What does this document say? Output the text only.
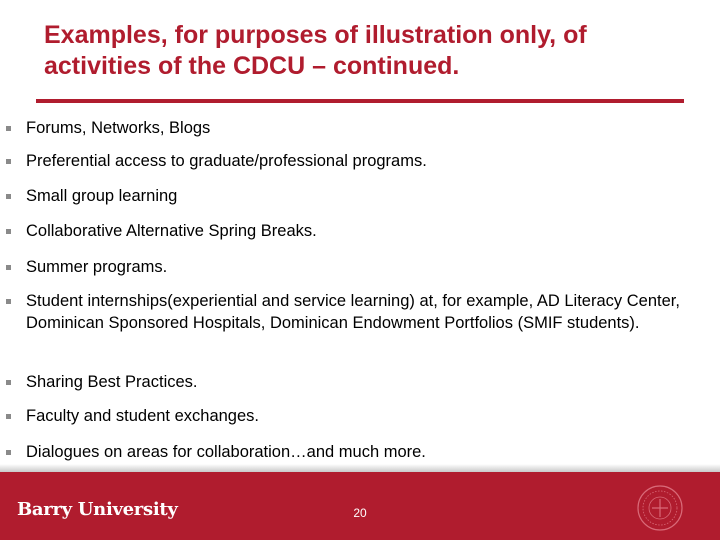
Examples, for purposes of illustration only, of activities of the CDCU – continued.
Forums, Networks, Blogs
Preferential access to graduate/professional programs.
Small group learning
Collaborative Alternative Spring Breaks.
Summer programs.
Student internships(experiential and service learning) at, for example, AD Literacy Center, Dominican Sponsored Hospitals, Dominican Endowment Portfolios (SMIF students).
Sharing Best Practices.
Faculty and student exchanges.
Dialogues on areas for collaboration…and much more.
Barry University	20
